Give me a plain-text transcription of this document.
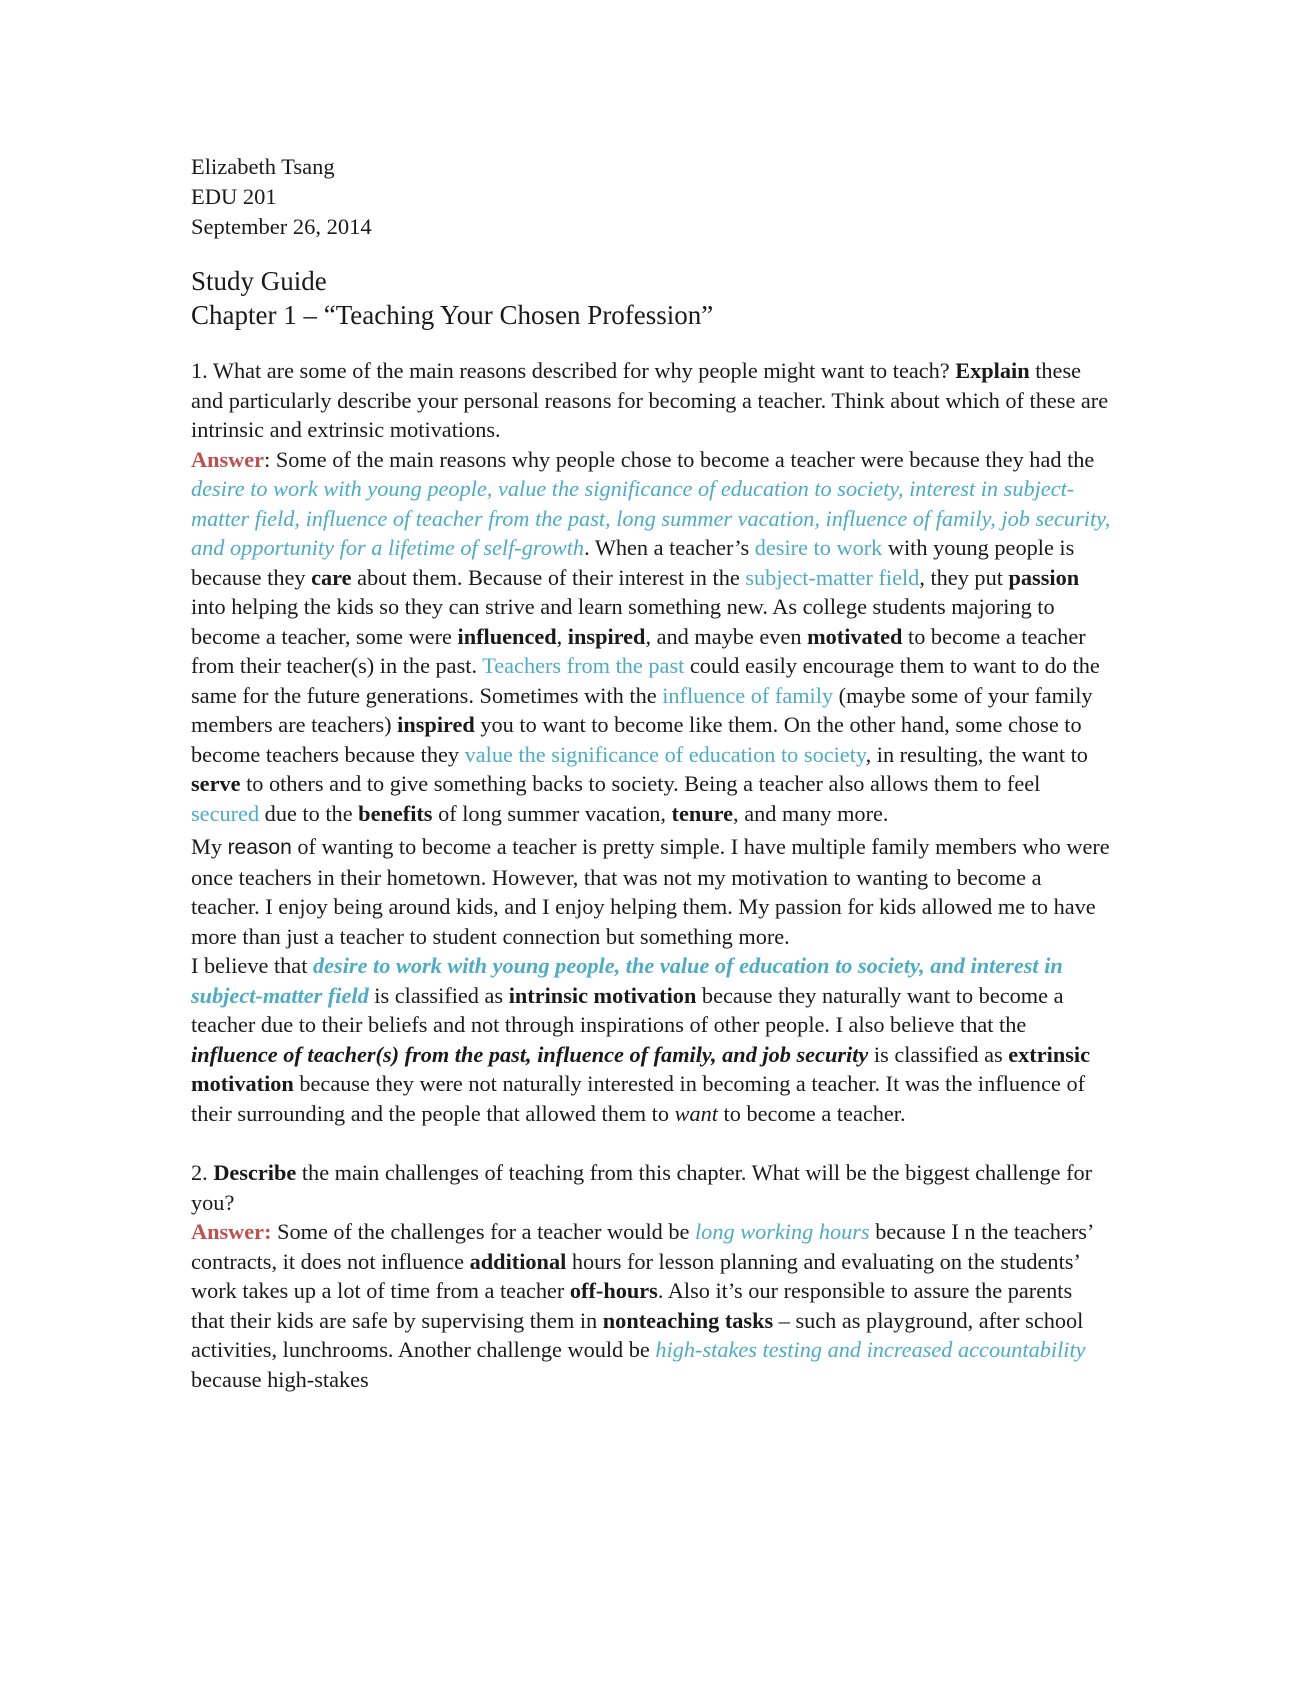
Elizabeth Tsang
EDU 201
September 26, 2014
Study Guide
Chapter 1 – “Teaching Your Chosen Profession”

1. What are some of the main reasons described for why people might want to teach? Explain these and particularly describe your personal reasons for becoming a teacher. Think about which of these are intrinsic and extrinsic motivations.

Answer: Some of the main reasons why people chose to become a teacher were because they had the desire to work with young people, value the significance of education to society, interest in subject-matter field, influence of teacher from the past, long summer vacation, influence of family, job security, and opportunity for a lifetime of self-growth. When a teacher’s desire to work with young people is because they care about them. Because of their interest in the subject-matter field, they put passion into helping the kids so they can strive and learn something new. As college students majoring to become a teacher, some were influenced, inspired, and maybe even motivated to become a teacher from their teacher(s) in the past. Teachers from the past could easily encourage them to want to do the same for the future generations. Sometimes with the influence of family (maybe some of your family members are teachers) inspired you to want to become like them. On the other hand, some chose to become teachers because they value the significance of education to society, in resulting, the want to serve to others and to give something backs to society. Being a teacher also allows them to feel secured due to the benefits of long summer vacation, tenure, and many more.

My reason of wanting to become a teacher is pretty simple. I have multiple family members who were once teachers in their hometown. However, that was not my motivation to wanting to become a teacher. I enjoy being around kids, and I enjoy helping them. My passion for kids allowed me to have more than just a teacher to student connection but something more.

I believe that desire to work with young people, the value of education to society, and interest in subject-matter field is classified as intrinsic motivation because they naturally want to become a teacher due to their beliefs and not through inspirations of other people. I also believe that the influence of teacher(s) from the past, influence of family, and job security is classified as extrinsic motivation because they were not naturally interested in becoming a teacher. It was the influence of their surrounding and the people that allowed them to want to become a teacher.

2. Describe the main challenges of teaching from this chapter. What will be the biggest challenge for you?

Answer: Some of the challenges for a teacher would be long working hours because I n the teachers’ contracts, it does not influence additional hours for lesson planning and evaluating on the students’ work takes up a lot of time from a teacher off-hours. Also it’s our responsible to assure the parents that their kids are safe by supervising them in nonteaching tasks – such as playground, after school activities, lunchrooms. Another challenge would be high-stakes testing and increased accountability because high-stakes
